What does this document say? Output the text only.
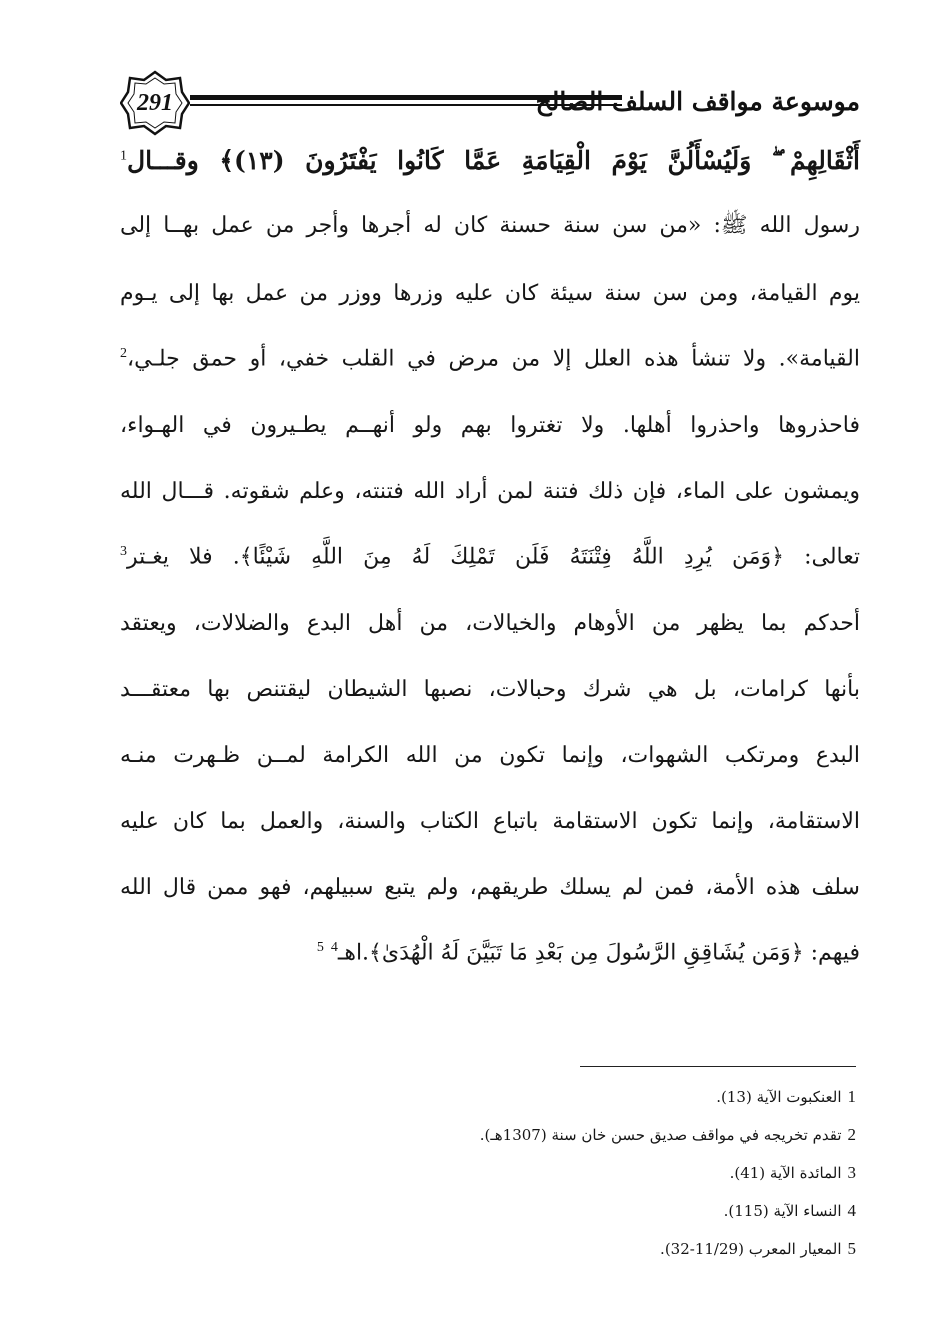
291	موسوعة مواقف السلف الصالح
أَثْقَالِهِمْ ۖ وَلَيُسْأَلُنَّ يَوْمَ الْقِيَامَةِ عَمَّا كَانُوا يَفْتَرُونَ (١٣)﴾ وقـــال$^1$
رسول الله ﷺ: «من سن سنة حسنة كان له أجرها وأجر من عمل بهــا إلى
يوم القيامة، ومن سن سنة سيئة كان عليه وزرها ووزر من عمل بها إلى يـوم
القيامة». ولا تنشأ هذه العلل إلا من مرض في القلب خفي، أو حمق جلـي،$^2$
فاحذروها واحذروا أهلها. ولا تغتروا بهم ولو أنهــم يطـيرون في الهـواء،
ويمشون على الماء، فإن ذلك فتنة لمن أراد الله فتنته، وعلم شقوته. قـــال الله
تعالى: ﴿وَمَن يُرِدِ اللَّهُ فِتْنَتَهُ فَلَن تَمْلِكَ لَهُ مِنَ اللَّهِ شَيْئًا﴾. فلا يغـتر$^3$
أحدكم بما يظهر من الأوهام والخيالات، من أهل البدع والضلالات، ويعتقد
بأنها كرامات، بل هي شرك وحبالات، نصبها الشيطان ليقتنص بها معتقـــد
البدع ومرتكب الشهوات، وإنما تكون من الله الكرامة لمــن ظـهرت منـه
الاستقامة، وإنما تكون الاستقامة باتباع الكتاب والسنة، والعمل بما كان عليه
سلف هذه الأمة، فمن لم يسلك طريقهم، ولم يتبع سبيلهم، فهو ممن قال الله
فيهم: ﴿وَمَن يُشَاقِقِ الرَّسُولَ مِن بَعْدِ مَا تَبَيَّنَ لَهُ الْهُدَىٰ﴾.اهـ$^4$ $^5$
1
العنكبوت الآية (13).
2
تقدم تخريجه في مواقف صديق حسن خان سنة (1307هـ).
3
المائدة الآية (41).
4
النساء الآية (115).
5
المعيار المعرب (11/29-32).
